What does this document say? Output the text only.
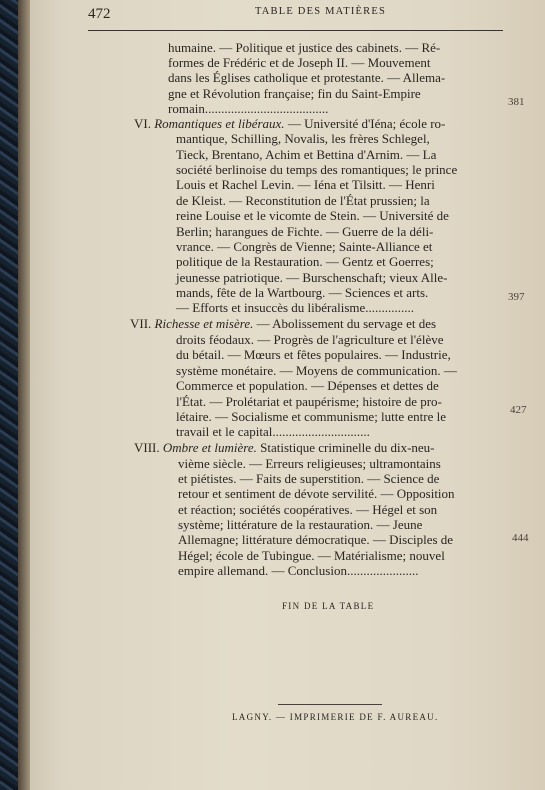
472	TABLE DES MATIÈRES
humaine. — Politique et justice des cabinets. — Ré-
formes de Frédéric et de Joseph II. — Mouvement
dans les Églises catholique et protestante. — Allema-
gne et Révolution française; fin du Saint-Empire
romain......................................	381
VI. Romantiques et libéraux. — Université d'Iéna; école ro-
mantique, Schilling, Novalis, les frères Schlegel,
Tieck, Brentano, Achim et Bettina d'Arnim. — La
société berlinoise du temps des romantiques; le prince
Louis et Rachel Levin. — Iéna et Tilsitt. — Henri
de Kleist. — Reconstitution de l'État prussien; la
reine Louise et le vicomte de Stein. — Université de
Berlin; harangues de Fichte. — Guerre de la déli-
vrance. — Congrès de Vienne; Sainte-Alliance et
politique de la Restauration. — Gentz et Goerres;
jeunesse patriotique. — Burschenschaft; vieux Alle-
mands, fête de la Wartbourg. — Sciences et arts.
— Efforts et insuccès du libéralisme...............
397
VII. Richesse et misère. — Abolissement du servage et des
droits féodaux. — Progrès de l'agriculture et l'élève
du bétail. — Mœurs et fêtes populaires. — Industrie,
système monétaire. — Moyens de communication. —
Commerce et population. — Dépenses et dettes de
l'État. — Prolétariat et paupérisme; histoire de pro-
létaire. — Socialisme et communisme; lutte entre le
travail et le capital..............................
427
VIII. Ombre et lumière. Statistique criminelle du dix-neu-
vième siècle. — Erreurs religieuses; ultramontains
et piétistes. — Faits de superstition. — Science de
retour et sentiment de dévote servilité. — Opposition
et réaction; sociétés coopératives. — Hégel et son
système; littérature de la restauration. — Jeune
Allemagne; littérature démocratique. — Disciples de
Hégel; école de Tubingue. — Matérialisme; nouvel
empire allemand. — Conclusion......................
444
FIN DE LA TABLE
LAGNY. — IMPRIMERIE DE F. AUREAU.
